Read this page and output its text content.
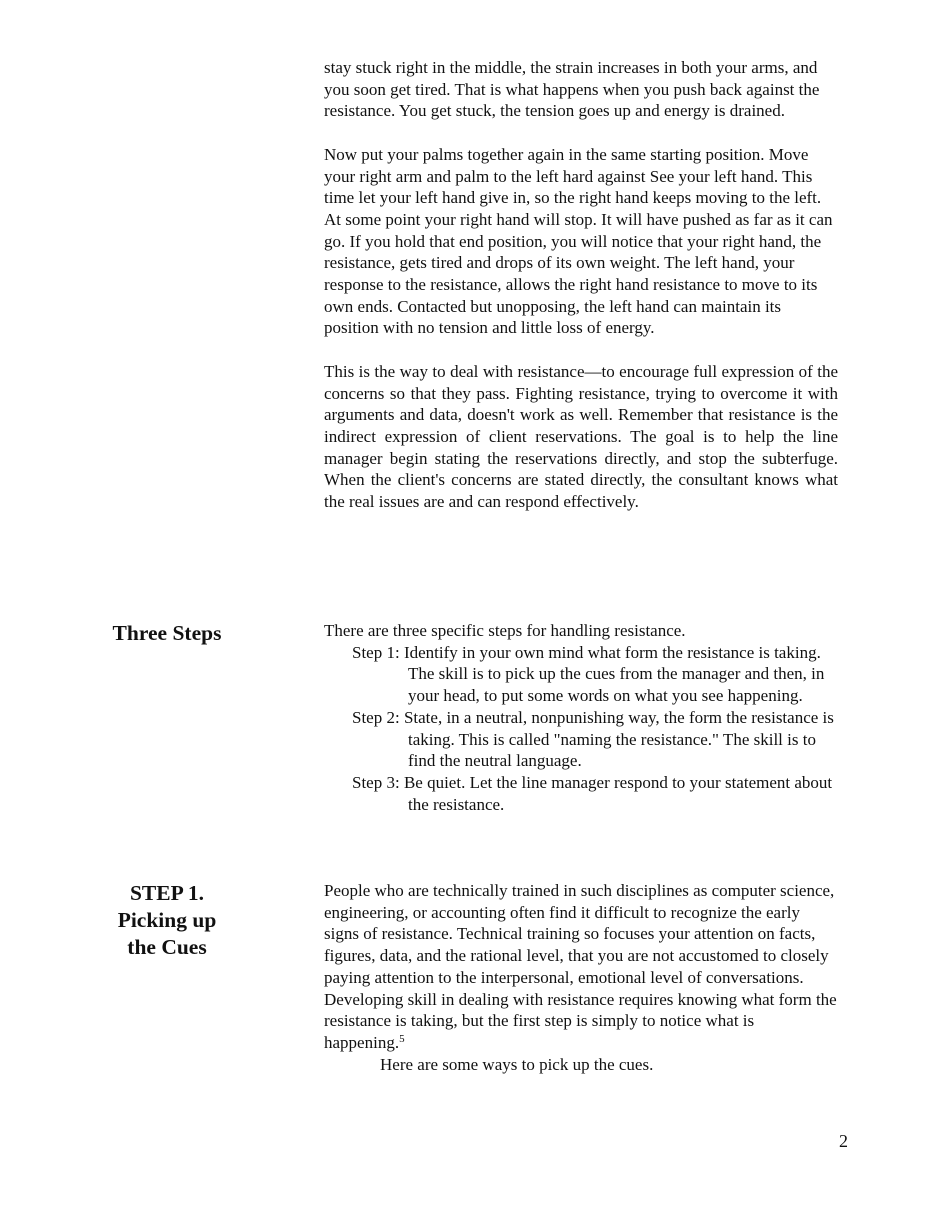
stay stuck right in the middle, the strain increases in both your arms, and you soon get tired. That is what happens when you push back against the resistance. You get stuck, the tension goes up and energy is drained.

Now put your palms together again in the same starting position. Move your right arm and palm to the left hard against See your left hand. This time let your left hand give in, so the right hand keeps moving to the left. At some point your right hand will stop. It will have pushed as far as it can go. If you hold that end position, you will notice that your right hand, the resistance, gets tired and drops of its own weight. The left hand, your response to the resistance, allows the right hand resistance to move to its own ends. Contacted but unopposing, the left hand can maintain its position with no tension and little loss of energy.

This is the way to deal with resistance—to encourage full expression of the concerns so that they pass. Fighting resistance, trying to overcome it with arguments and data, doesn't work as well. Remember that resistance is the indirect expression of client reservations. The goal is to help the line manager begin stating the reservations directly, and stop the subterfuge. When the client's concerns are stated directly, the consultant knows what the real issues are and can respond effectively.

Three Steps	There are three specific steps for handling resistance.

Step 1: Identify in your own mind what form the resistance is taking. The skill is to pick up the cues from the manager and then, in your head, to put some words on what you see happening.

Step 2: State, in a neutral, nonpunishing way, the form the resistance is taking. This is called "naming the resistance." The skill is to find the neutral language.

Step 3: Be quiet. Let the line manager respond to your statement about the resistance.

STEP 1.
Picking up
the Cues

People who are technically trained in such disciplines as computer science, engineering, or accounting often find it difficult to recognize the early signs of resistance. Technical training so focuses your attention on facts, figures, data, and the rational level, that you are not accustomed to closely paying attention to the interpersonal, emotional level of conversations. Developing skill in dealing with resistance requires knowing what form the resistance is taking, but the first step is simply to notice what is happening.$^5$

Here are some ways to pick up the cues.

2
